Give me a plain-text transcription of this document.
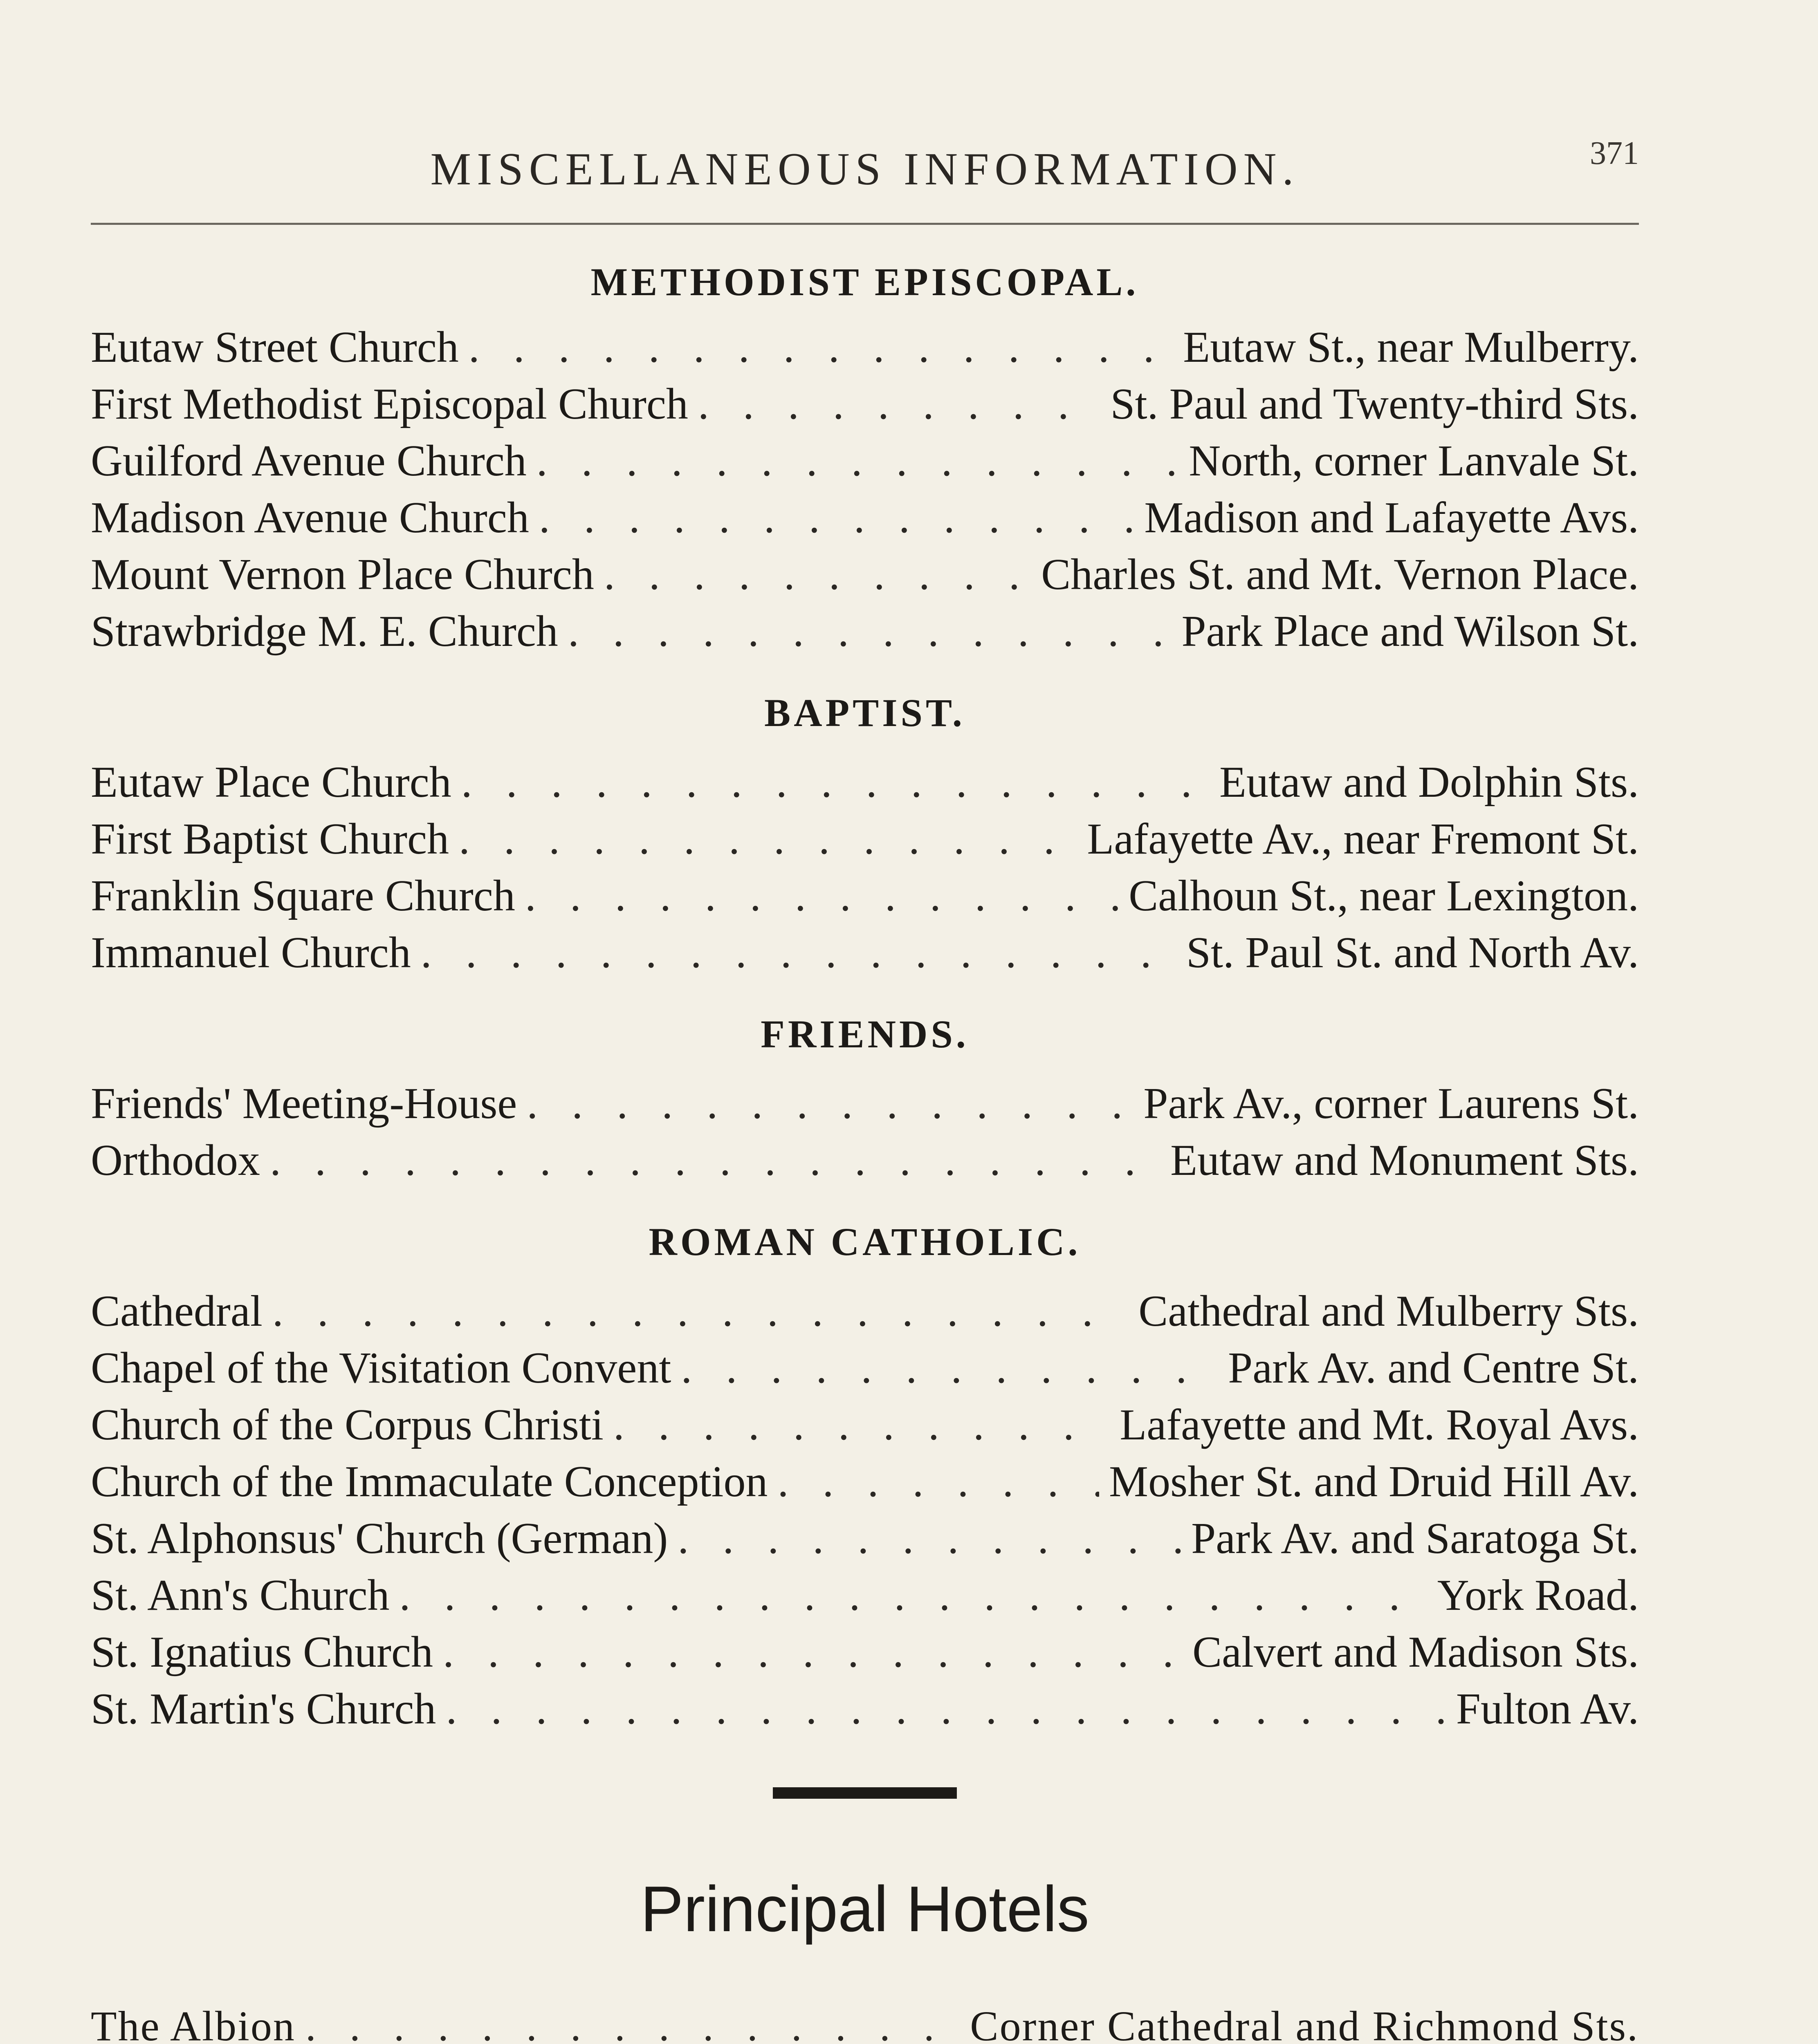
MISCELLANEOUS INFORMATION.	371
METHODIST EPISCOPAL.
Eutaw Street Church . . .	Eutaw St., near Mulberry.
First Methodist Episcopal Church . . .	St. Paul and Twenty-third Sts.
Guilford Avenue Church . . .	North, corner Lanvale St.
Madison Avenue Church . . .	Madison and Lafayette Avs.
Mount Vernon Place Church . . .	Charles St. and Mt. Vernon Place.
Strawbridge M. E. Church . . .	Park Place and Wilson St.
BAPTIST.
Eutaw Place Church . . .	Eutaw and Dolphin Sts.
First Baptist Church . . .	Lafayette Av., near Fremont St.
Franklin Square Church . . .	Calhoun St., near Lexington.
Immanuel Church . . .	St. Paul St. and North Av.
FRIENDS.
Friends' Meeting-House . . .	Park Av., corner Laurens St.
Orthodox . . .	Eutaw and Monument Sts.
ROMAN CATHOLIC.
Cathedral . . .	Cathedral and Mulberry Sts.
Chapel of the Visitation Convent . . .	Park Av. and Centre St.
Church of the Corpus Christi . . .	Lafayette and Mt. Royal Avs.
Church of the Immaculate Conception . . .	Mosher St. and Druid Hill Av.
St. Alphonsus' Church (German) . . .	Park Av. and Saratoga St.
St. Ann's Church . . .	York Road.
St. Ignatius Church . . .	Calvert and Madison Sts.
St. Martin's Church . . .	Fulton Av.
Principal Hotels
The Albion . . .	Corner Cathedral and Richmond Sts.
